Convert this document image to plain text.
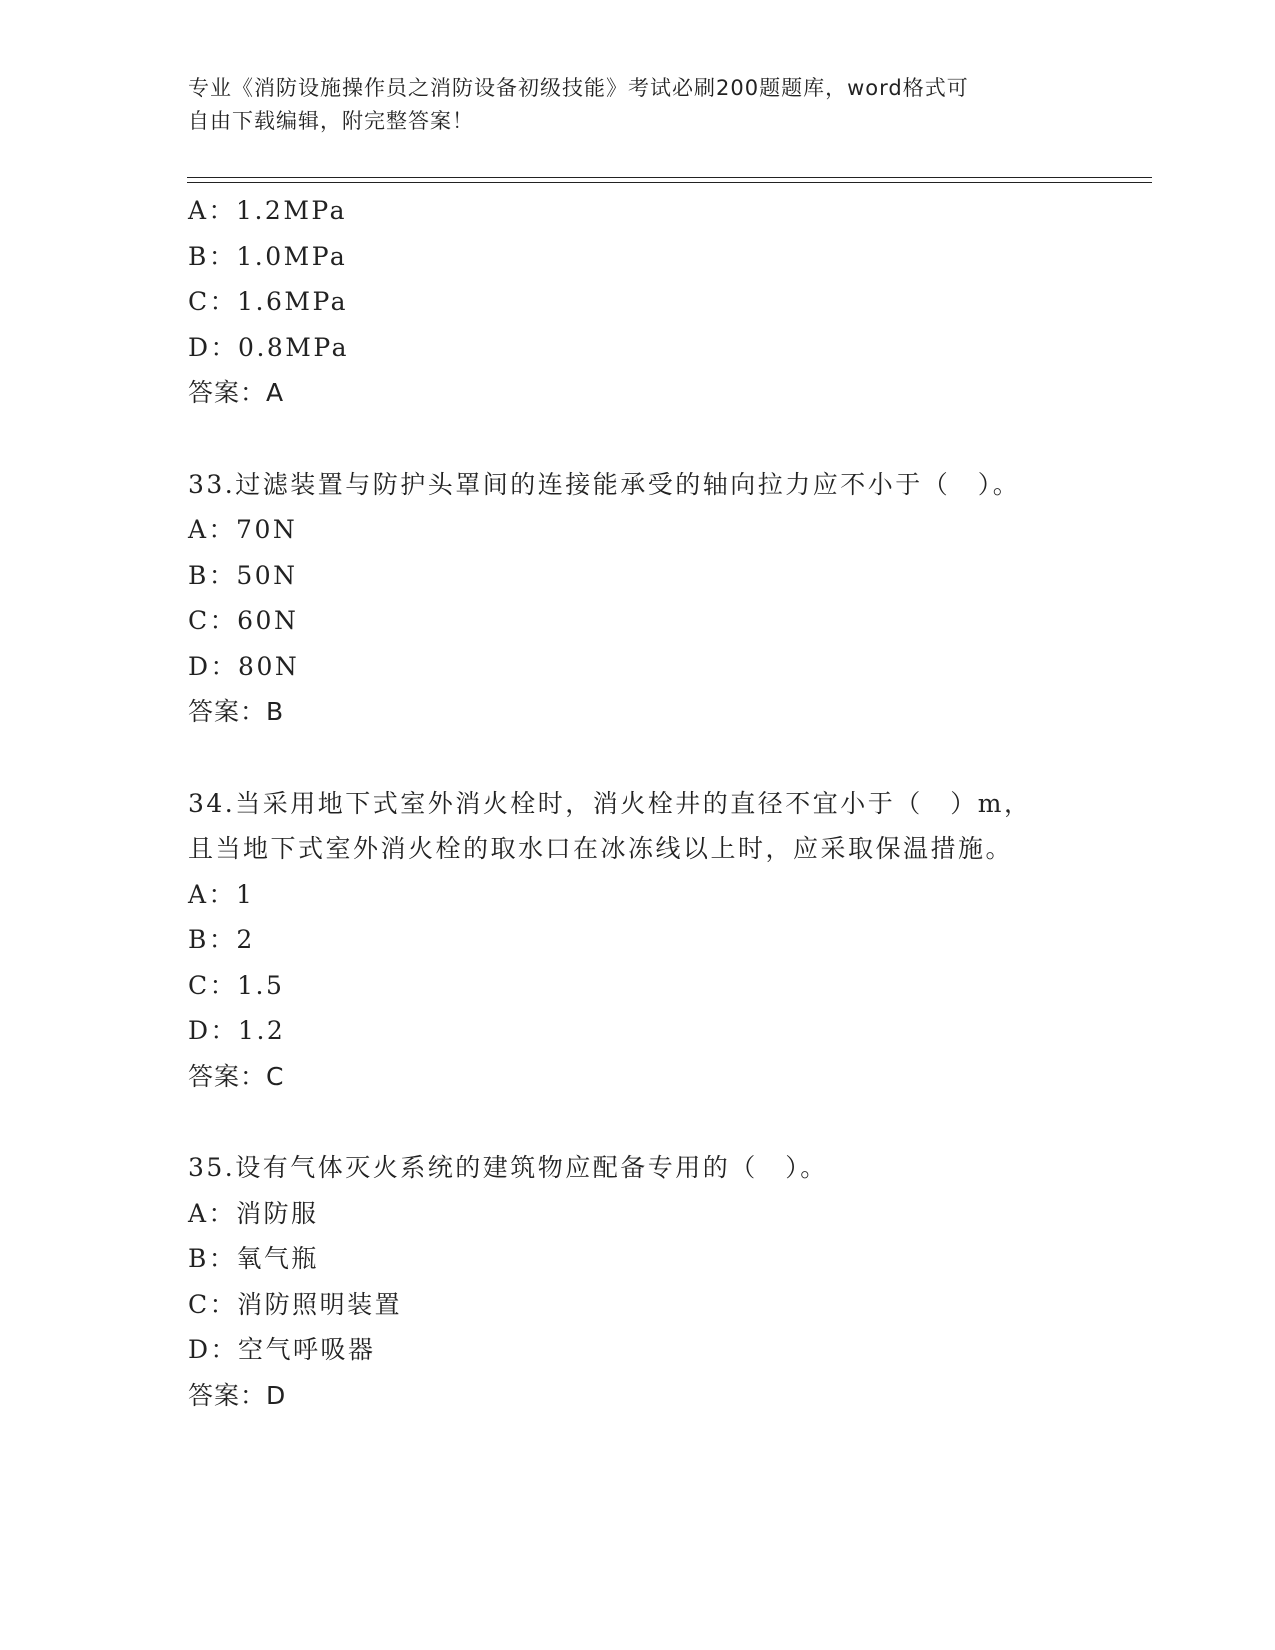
专业《消防设施操作员之消防设备初级技能》考试必刷200题题库，word格式可
自由下载编辑，附完整答案！
A：1.2MPa
B：1.0MPa
C：1.6MPa
D：0.8MPa
答案：A
33.过滤装置与防护头罩间的连接能承受的轴向拉力应不小于（　）。
A：70N
B：50N
C：60N
D：80N
答案：B
34.当采用地下式室外消火栓时，消火栓井的直径不宜小于（　）m，
且当地下式室外消火栓的取水口在冰冻线以上时，应采取保温措施。
A：1
B：2
C：1.5
D：1.2
答案：C
35.设有气体灭火系统的建筑物应配备专用的（　）。
A：消防服
B：氧气瓶
C：消防照明装置
D：空气呼吸器
答案：D
